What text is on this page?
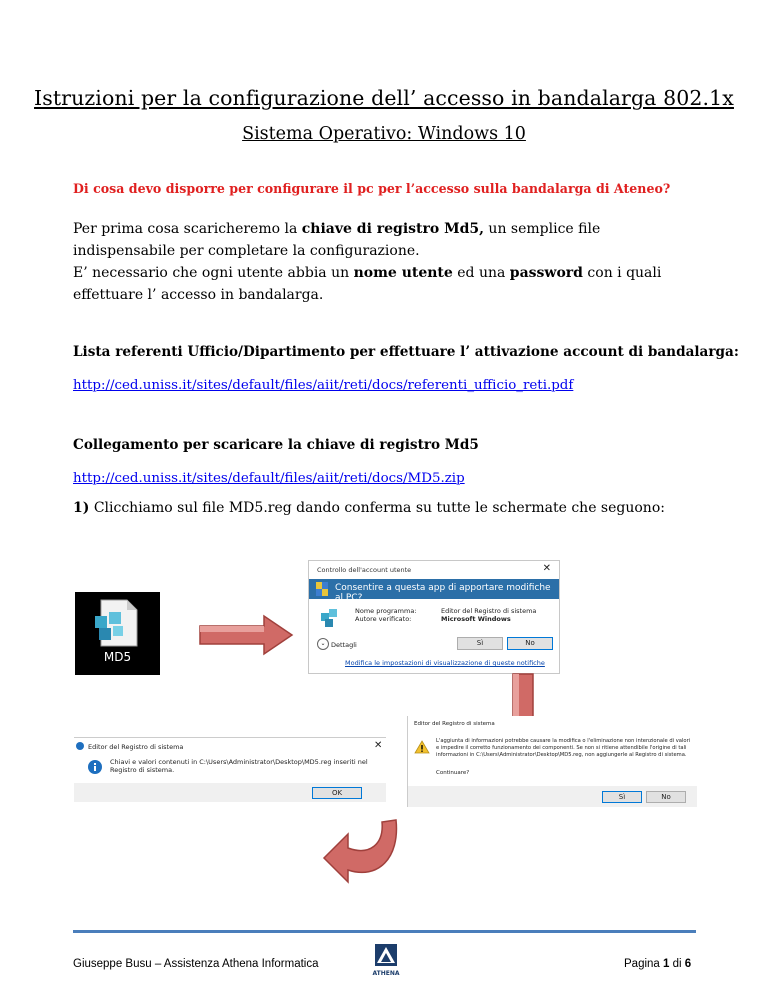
Istruzioni per la configurazione dell’ accesso in bandalarga 802.1x
Sistema Operativo: Windows 10
Di cosa devo disporre per configurare il pc per l’accesso sulla bandalarga di Ateneo?
Per prima cosa scaricheremo la chiave di registro Md5, un semplice file indispensabile per completare la configurazione.
E’ necessario che ogni utente abbia un nome utente ed una password con i quali effettuare l’ accesso in bandalarga.
Lista referenti Ufficio/Dipartimento per effettuare l’ attivazione account di bandalarga:
http://ced.uniss.it/sites/default/files/aiit/reti/docs/referenti_ufficio_reti.pdf
Collegamento per scaricare la chiave di registro Md5
http://ced.uniss.it/sites/default/files/aiit/reti/docs/MD5.zip
1) Clicchiamo sul file MD5.reg dando conferma su tutte le schermate che seguono:
MD5
Controllo dell'account utente	✕
Consentire a questa app di apportare modifiche al PC?
Nome programma:
Autore verificato:
Editor del Registro di sistema
Microsoft Windows
⌄ Dettagli	Sì	No
Modifica le impostazioni di visualizzazione di queste notifiche
Editor del Registro di sistema	✕
Chiavi e valori contenuti in C:\Users\Administrator\Desktop\MD5.reg inseriti nel Registro di sistema.
OK
Editor del Registro di sistema
L'aggiunta di informazioni potrebbe causare la modifica o l'eliminazione non intenzionale di valori e impedire il corretto funzionamento dei componenti. Se non si ritiene attendibile l'origine di tali informazioni in C:\Users\Administrator\Desktop\MD5.reg, non aggiungerle al Registro di sistema.
Continuare?
Sì	No
Giuseppe Busu – Assistenza Athena Informatica
ATHENA
Pagina 1 di 6
